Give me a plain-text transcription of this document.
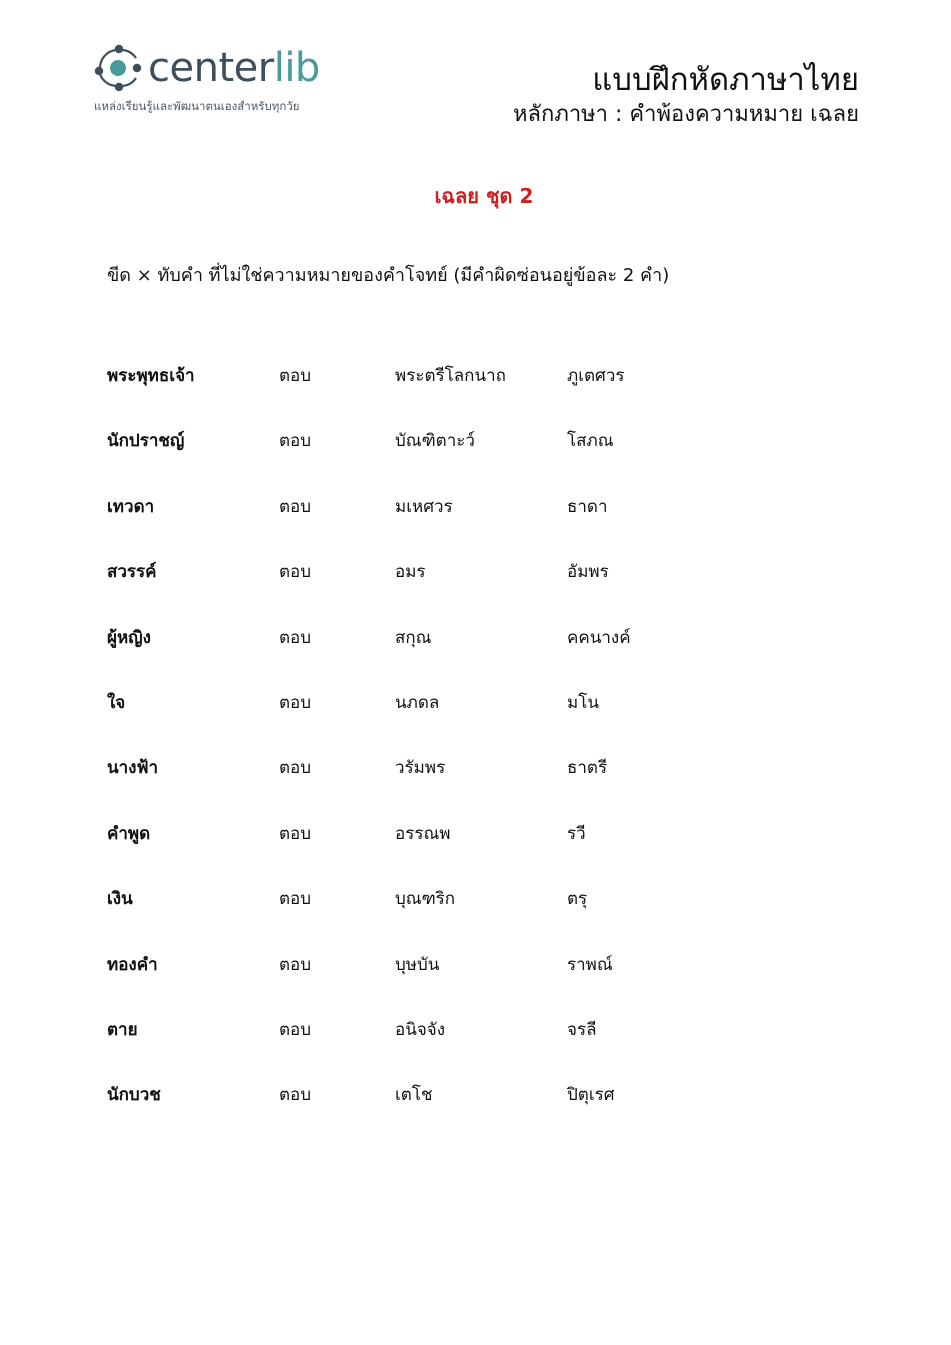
centerlib
แหล่งเรียนรู้และพัฒนาตนเองสำหรับทุกวัย
แบบฝึกหัดภาษาไทย
หลักภาษา : คำพ้องความหมาย เฉลย
เฉลย ชุด 2
ขีด × ทับคำ ที่ไม่ใช่ความหมายของคำโจทย์ (มีคำผิดซ่อนอยู่ข้อละ 2 คำ)
พระพุทธเจ้า	ตอบ	พระตรีโลกนาถ	ภูเตศวร
นักปราชญ์	ตอบ	บัณฑิตาะว์	โสภณ
เทวดา	ตอบ	มเหศวร	ธาดา
สวรรค์	ตอบ	อมร	อัมพร
ผู้หญิง	ตอบ	สกุณ	คคนางค์
ใจ	ตอบ	นภดล	มโน
นางฟ้า	ตอบ	วรัมพร	ธาตรี
คำพูด	ตอบ	อรรณพ	รวี
เงิน	ตอบ	บุณฑริก	ตรุ
ทองคำ	ตอบ	บุษบัน	ราพณ์
ตาย	ตอบ	อนิจจัง	จรลี
นักบวช	ตอบ	เตโช	ปิตุเรศ
